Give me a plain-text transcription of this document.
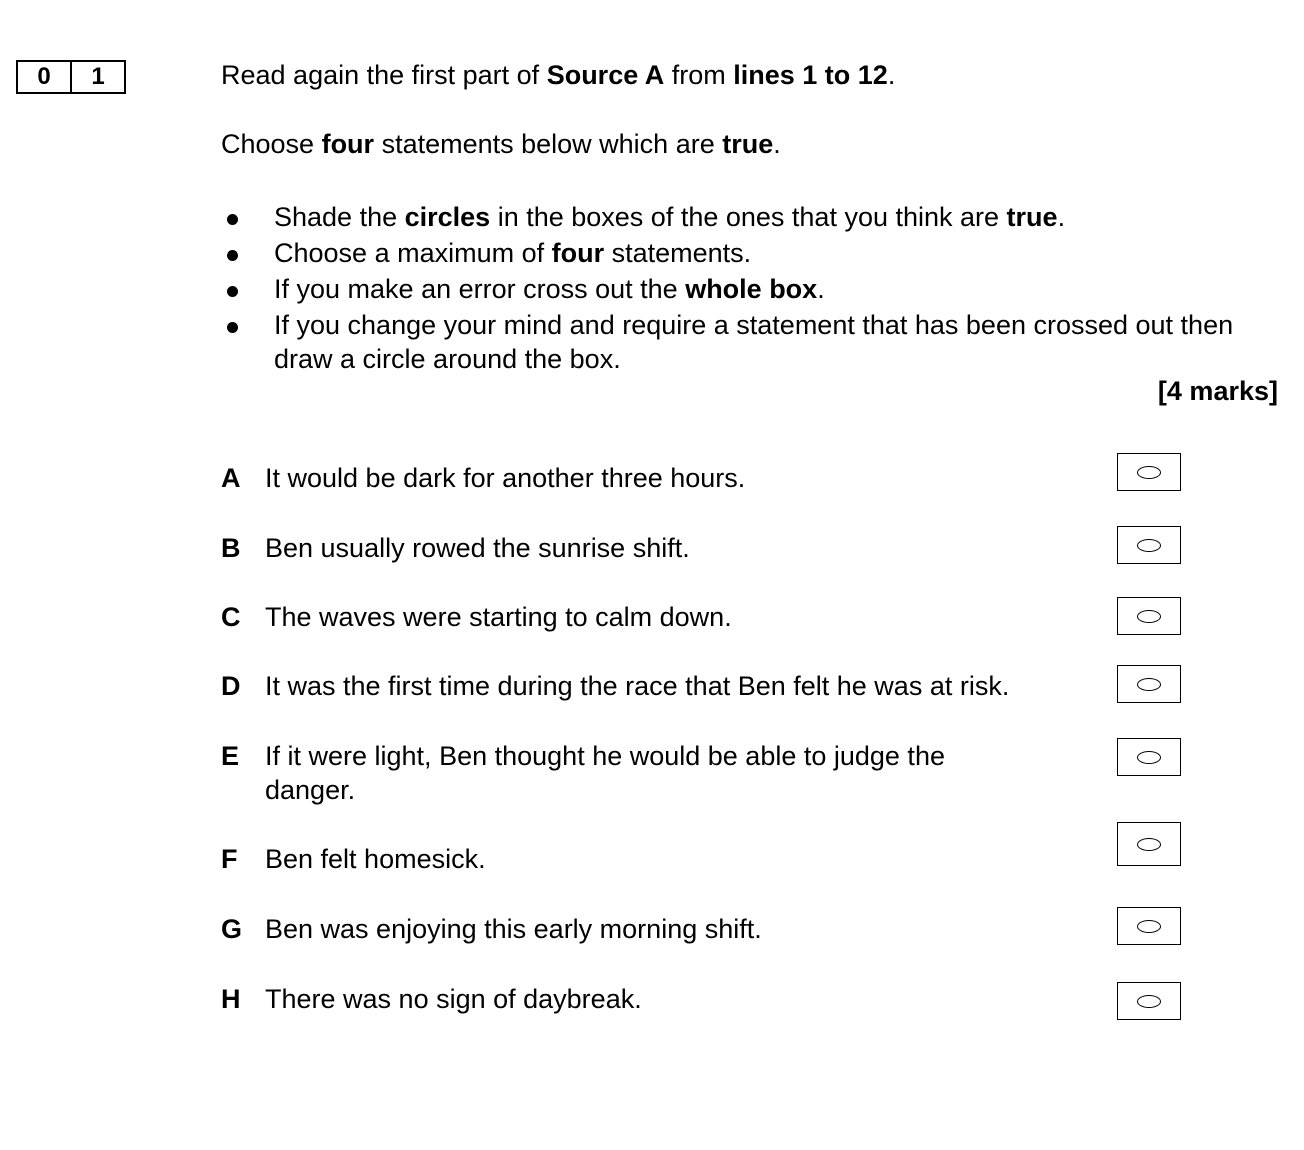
0	1	Read again the first part of Source A from lines 1 to 12.
Choose four statements below which are true.
Shade the circles in the boxes of the ones that you think are true.
Choose a maximum of four statements.
If you make an error cross out the whole box.
If you change your mind and require a statement that has been crossed out then draw a circle around the box.
[4 marks]
A It would be dark for another three hours.
B Ben usually rowed the sunrise shift.
C The waves were starting to calm down.
D It was the first time during the race that Ben felt he was at risk.
E If it were light, Ben thought he would be able to judge the danger.
F	Ben felt homesick.
G Ben was enjoying this early morning shift.
H There was no sign of daybreak.
